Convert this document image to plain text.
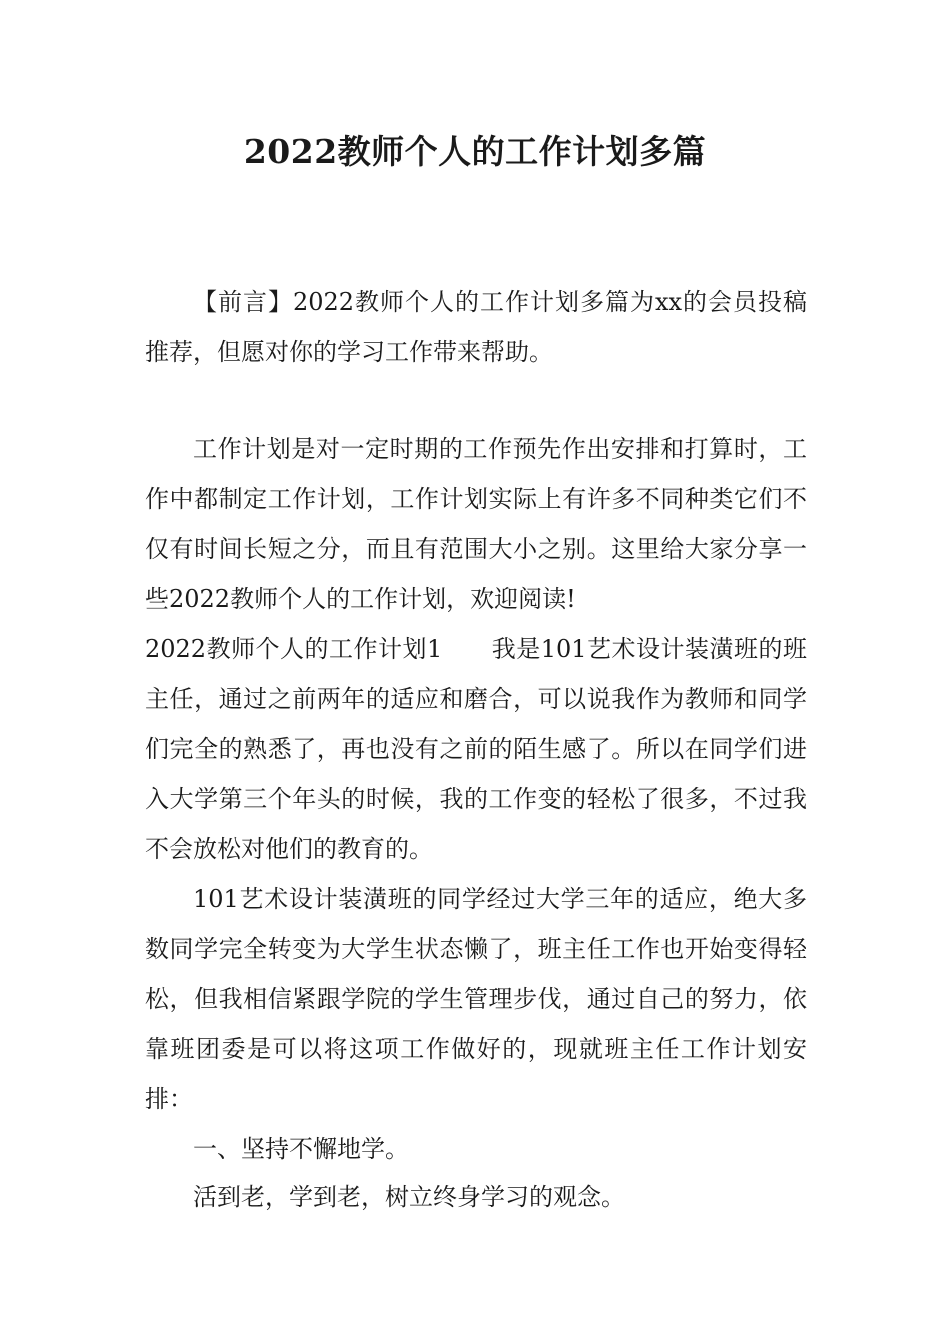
2022教师个人的工作计划多篇

【前言】2022教师个人的工作计划多篇为xx的会员投稿推荐，但愿对你的学习工作带来帮助。

工作计划是对一定时期的工作预先作出安排和打算时，工作中都制定工作计划，工作计划实际上有许多不同种类它们不仅有时间长短之分，而且有范围大小之别。这里给大家分享一些2022教师个人的工作计划，欢迎阅读!

2022教师个人的工作计划1　　我是101艺术设计装潢班的班主任，通过之前两年的适应和磨合，可以说我作为教师和同学们完全的熟悉了，再也没有之前的陌生感了。所以在同学们进入大学第三个年头的时候，我的工作变的轻松了很多，不过我不会放松对他们的教育的。

101艺术设计装潢班的同学经过大学三年的适应，绝大多数同学完全转变为大学生状态懒了，班主任工作也开始变得轻松，但我相信紧跟学院的学生管理步伐，通过自己的努力，依靠班团委是可以将这项工作做好的，现就班主任工作计划安排：

一、坚持不懈地学。

活到老，学到老，树立终身学习的观念。
